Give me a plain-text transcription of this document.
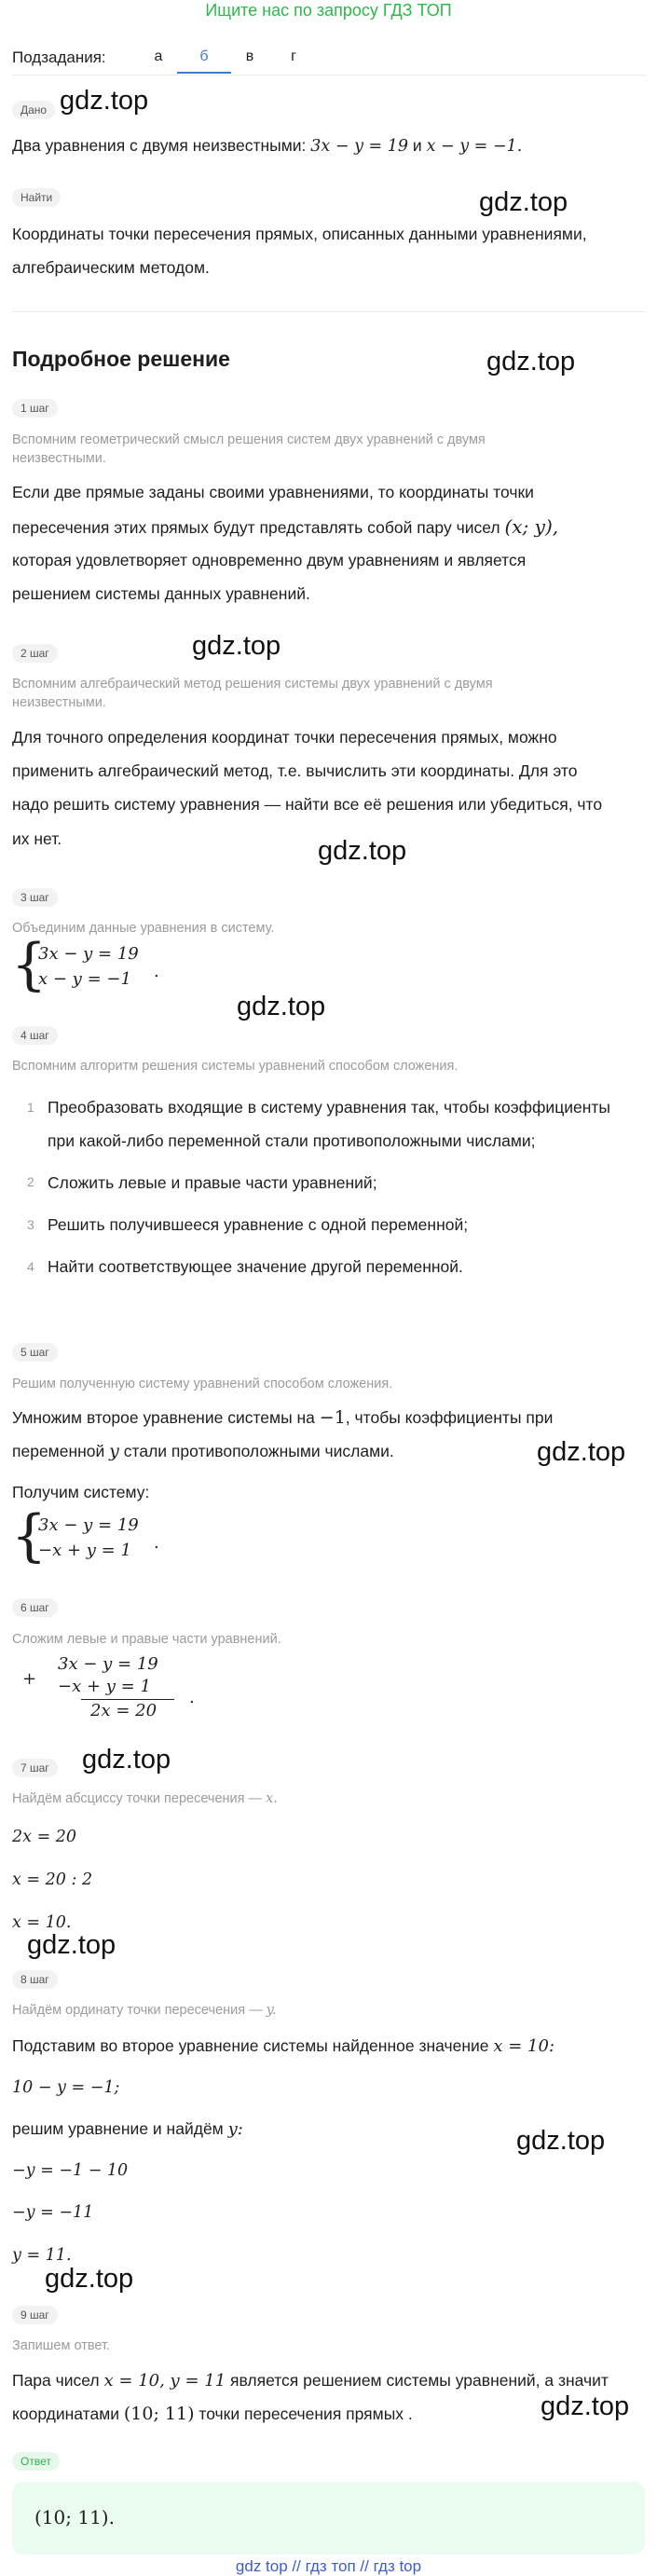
Ищите нас по запросу ГДЗ ТОП
Подзадания:	а	б	в	г
Дано gdz.top
Два уравнения с двумя неизвестными: 3x − y = 19 и x − y = −1.
Найти	gdz.top
Координаты точки пересечения прямых, описанных данными уравнениями,
алгебраическим методом.
Подробное решение	gdz.top
1 шаг
Вспомним геометрический смысл решения систем двух уравнений с двумя
неизвестными.
Если две прямые заданы своими уравнениями, то координаты точки
пересечения этих прямых будут представлять собой пару чисел (x; y),
которая удовлетворяет одновременно двум уравнениям и является
решением системы данных уравнений.
gdz.top
2 шаг
Вспомним алгебраический метод решения системы двух уравнений с двумя
неизвестными.
Для точного определения координат точки пересечения прямых, можно
применить алгебраический метод, т.е. вычислить эти координаты. Для это
надо решить систему уравнения — найти все её решения или убедиться, что
их нет.	gdz.top
3 шаг
Объединим данные уравнения в систему.
{
3x − y = 19
x − y = −1 .
gdz.top
4 шаг
Вспомним алгоритм решения системы уравнений способом сложения.
1 Преобразовать входящие в систему уравнения так, чтобы коэффициенты
при какой-либо переменной стали противоположными числами;
2 Сложить левые и правые части уравнений;
3 Решить получившееся уравнение с одной переменной;
4 Найти соответствующее значение другой переменной.
5 шаг
Решим полученную систему уравнений способом сложения.
Умножим второе уравнение системы на −1, чтобы коэффициенты при
переменной y стали противоположными числами.	gdz.top
Получим систему:
{
3x − y = 19
−x + y = 1 .
6 шаг
Сложим левые и правые части уравнений.
+
3x − y = 19
−x + y = 1
2x = 20
.
7 шаг	gdz.top
Найдём абсциссу точки пересечения — x.
2x = 20
x = 20 : 2
x = 10.
gdz.top
8 шаг
Найдём ординату точки пересечения — y.
Подставим во второе уравнение системы найденное значение x = 10:
10 − y = −1;
решим уравнение и найдём y:	gdz.top
−y = −1 − 10
−y = −11
y = 11.
gdz.top
9 шаг
Запишем ответ.
Пара чисел x = 10, y = 11 является решением системы уравнений, а значит
координатами (10; 11) точки пересечения прямых .	gdz.top
Ответ
(10; 11).
gdz top // гдз топ // гдз top
